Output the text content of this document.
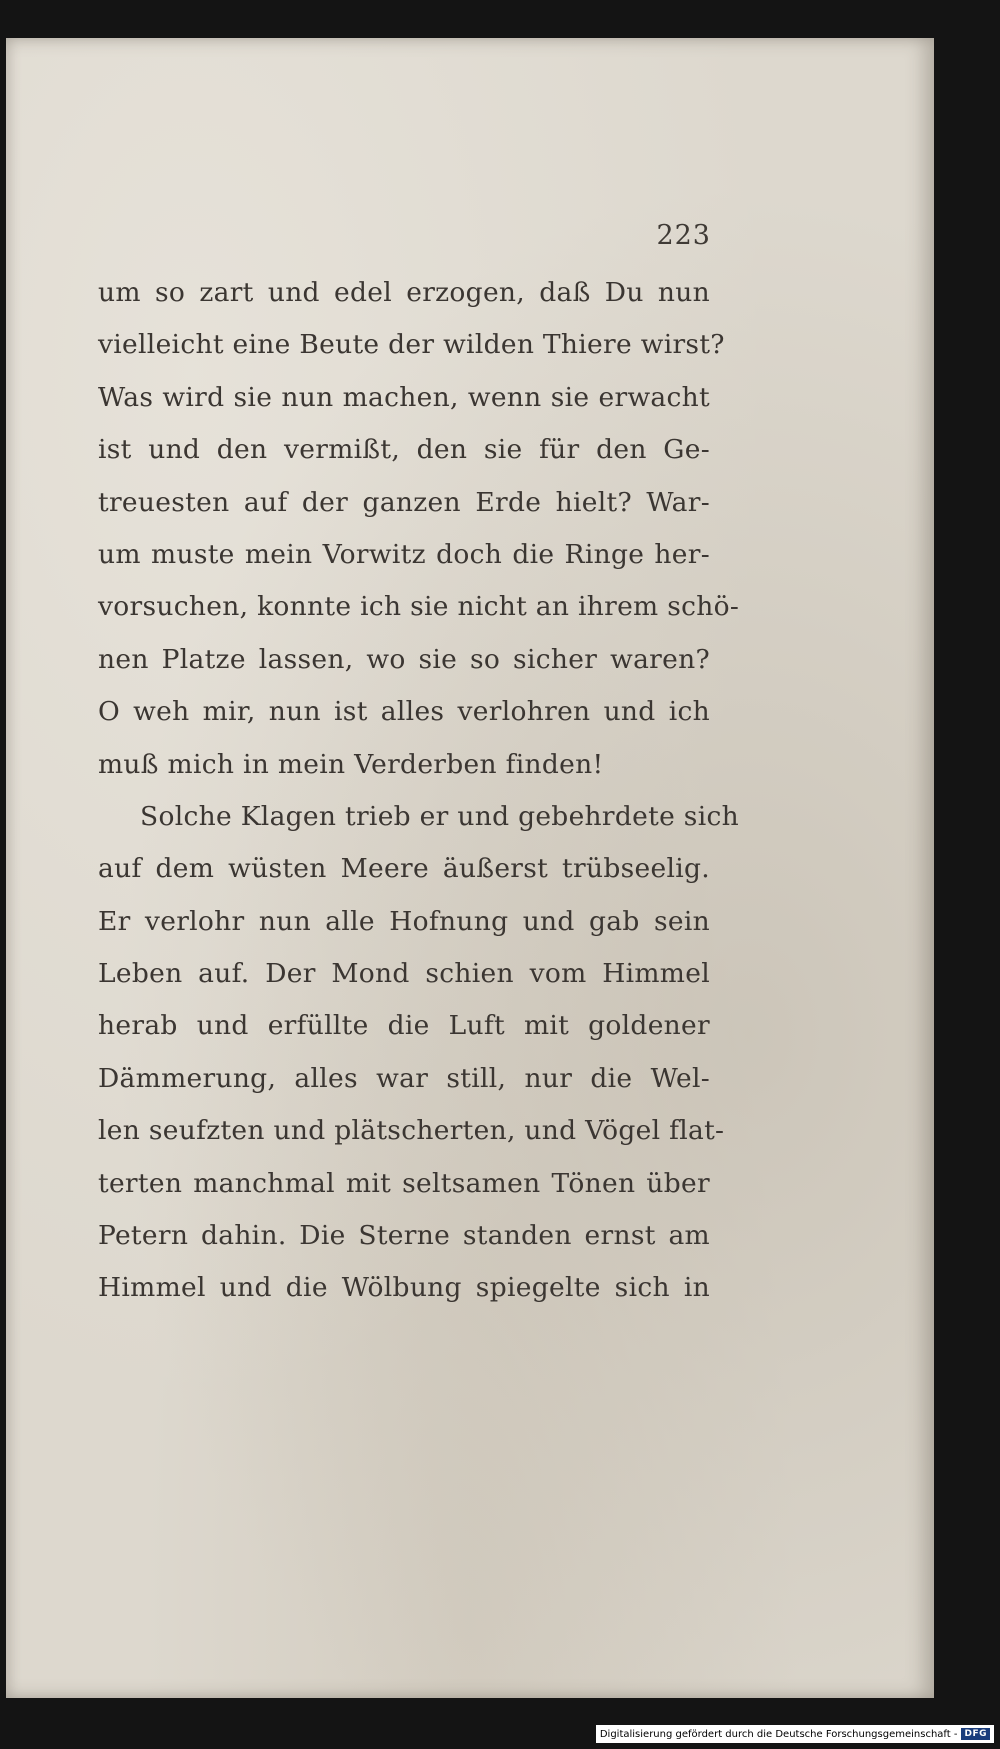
223
um so zart und edel erzogen, daß Du nun
vielleicht eine Beute der wilden Thiere wirst?
Was wird sie nun machen, wenn sie erwacht
ist und den vermißt, den sie für den Ge-
treuesten auf der ganzen Erde hielt? War-
um muste mein Vorwitz doch die Ringe her-
vorsuchen, konnte ich sie nicht an ihrem schö-
nen Platze lassen, wo sie so sicher waren?
O weh mir, nun ist alles verlohren und ich
muß mich in mein Verderben finden!
Solche Klagen trieb er und gebehrdete sich
auf dem wüsten Meere äußerst trübseelig.
Er verlohr nun alle Hofnung und gab sein
Leben auf. Der Mond schien vom Himmel
herab und erfüllte die Luft mit goldener
Dämmerung, alles war still, nur die Wel-
len seufzten und plätscherten, und Vögel flat-
terten manchmal mit seltsamen Tönen über
Petern dahin. Die Sterne standen ernst am
Himmel und die Wölbung spiegelte sich in
Digitalisierung gefördert durch die Deutsche Forschungsgemeinschaft - DFG
